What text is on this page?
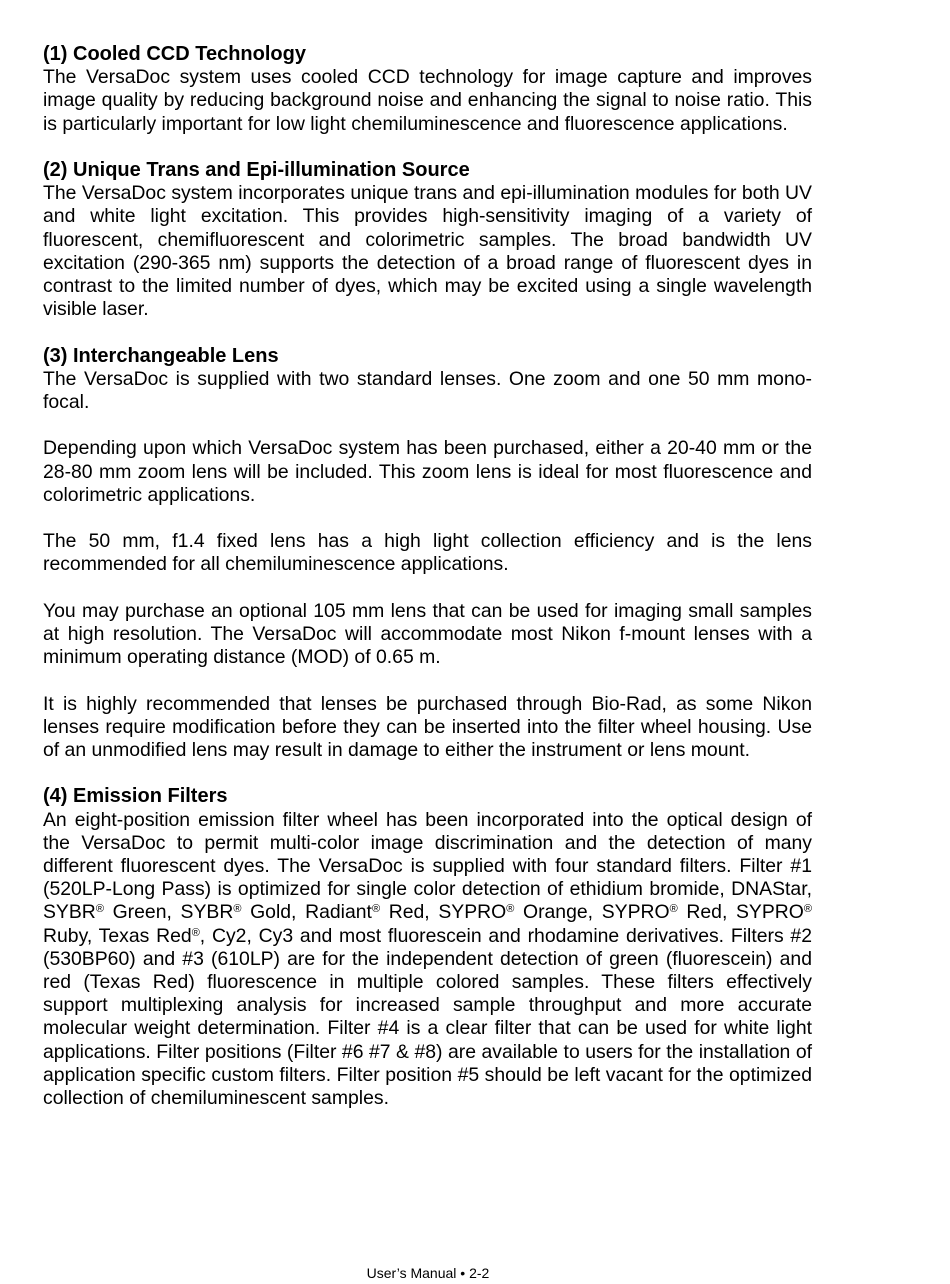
(1) Cooled CCD Technology

The VersaDoc system uses cooled CCD technology for image capture and improves image quality by reducing background noise and enhancing the signal to noise ratio. This is particularly important for low light chemiluminescence and fluorescence applications.

(2) Unique Trans and Epi-illumination Source

The VersaDoc system incorporates unique trans and epi-illumination modules for both UV and white light excitation. This provides high-sensitivity imaging of a variety of fluorescent, chemifluorescent and colorimetric samples. The broad bandwidth UV excitation (290-365 nm) supports the detection of a broad range of fluorescent dyes in contrast to the limited number of dyes, which may be excited using a single wavelength visible laser.

(3) Interchangeable Lens

The VersaDoc is supplied with two standard lenses. One zoom and one 50 mm mono-focal.

Depending upon which VersaDoc system has been purchased, either a 20-40 mm or the 28-80 mm zoom lens will be included. This zoom lens is ideal for most fluorescence and colorimetric applications.

The 50 mm, f1.4 fixed lens has a high light collection efficiency and is the lens recommended for all chemiluminescence applications.

You may purchase an optional 105 mm lens that can be used for imaging small samples at high resolution. The VersaDoc will accommodate most Nikon f-mount lenses with a minimum operating distance (MOD) of 0.65 m.

It is highly recommended that lenses be purchased through Bio-Rad, as some Nikon lenses require modification before they can be inserted into the filter wheel housing. Use of an unmodified lens may result in damage to either the instrument or lens mount.

(4) Emission Filters

An eight-position emission filter wheel has been incorporated into the optical design of the VersaDoc to permit multi-color image discrimination and the detection of many different fluorescent dyes. The VersaDoc is supplied with four standard filters. Filter #1 (520LP-Long Pass) is optimized for single color detection of ethidium bromide, DNAStar, SYBR® Green, SYBR® Gold, Radiant® Red, SYPRO® Orange, SYPRO® Red, SYPRO® Ruby, Texas Red®, Cy2, Cy3 and most fluorescein and rhodamine derivatives. Filters #2 (530BP60) and #3 (610LP) are for the independent detection of green (fluorescein) and red (Texas Red) fluorescence in multiple colored samples. These filters effectively support multiplexing analysis for increased sample throughput and more accurate molecular weight determination. Filter #4 is a clear filter that can be used for white light applications. Filter positions (Filter #6 #7 & #8) are available to users for the installation of application specific custom filters. Filter position #5 should be left vacant for the optimized collection of chemiluminescent samples.

User’s Manual • 2-2
